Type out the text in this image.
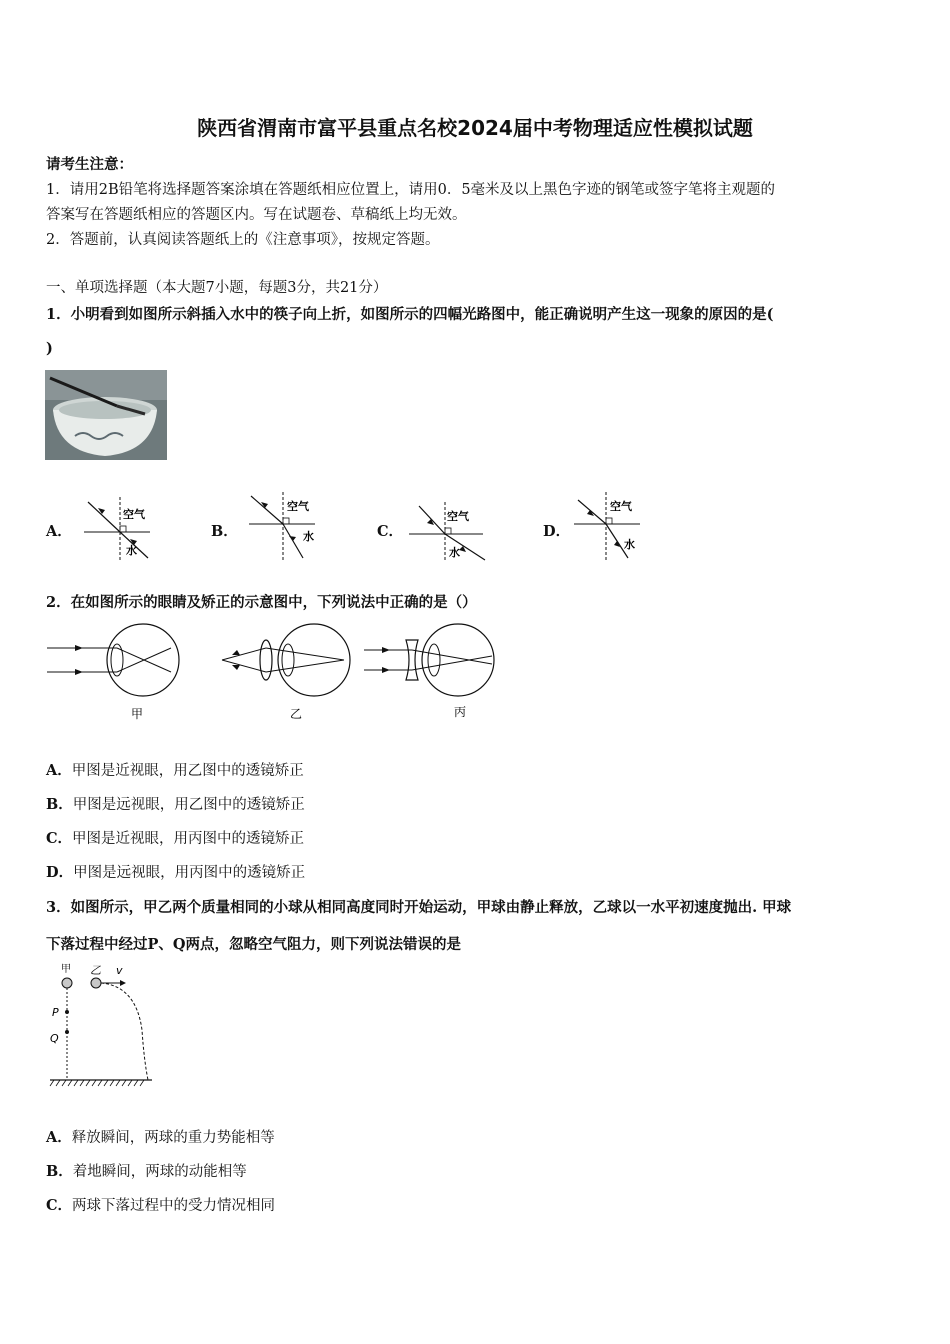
陕西省渭南市富平县重点名校2024届中考物理适应性模拟试题
请考生注意：
1．请用2B铅笔将选择题答案涂填在答题纸相应位置上，请用0．5毫米及以上黑色字迹的钢笔或签字笔将主观题的
答案写在答题纸相应的答题区内。写在试题卷、草稿纸上均无效。
2．答题前，认真阅读答题纸上的《注意事项》，按规定答题。
一、单项选择题（本大题7小题，每题3分，共21分）
1．小明看到如图所示斜插入水中的筷子向上折，如图所示的四幅光路图中，能正确说明产生这一现象的原因的是(
)
A．
空气
水
B．
空气
水	C．
空气
水
D．
空气
水
2．在如图所示的眼睛及矫正的示意图中，下列说法中正确的是（）
甲	乙	丙
A．甲图是近视眼，用乙图中的透镜矫正
B．甲图是远视眼，用乙图中的透镜矫正
C．甲图是近视眼，用丙图中的透镜矫正
D．甲图是远视眼，用丙图中的透镜矫正
3．如图所示，甲乙两个质量相同的小球从相同高度同时开始运动，甲球由静止释放，乙球以一水平初速度抛出. 甲球
下落过程中经过P、Q两点，忽略空气阻力，则下列说法错误的是
甲 乙 v
P
Q
A．释放瞬间，两球的重力势能相等
B．着地瞬间，两球的动能相等
C．两球下落过程中的受力情况相同
